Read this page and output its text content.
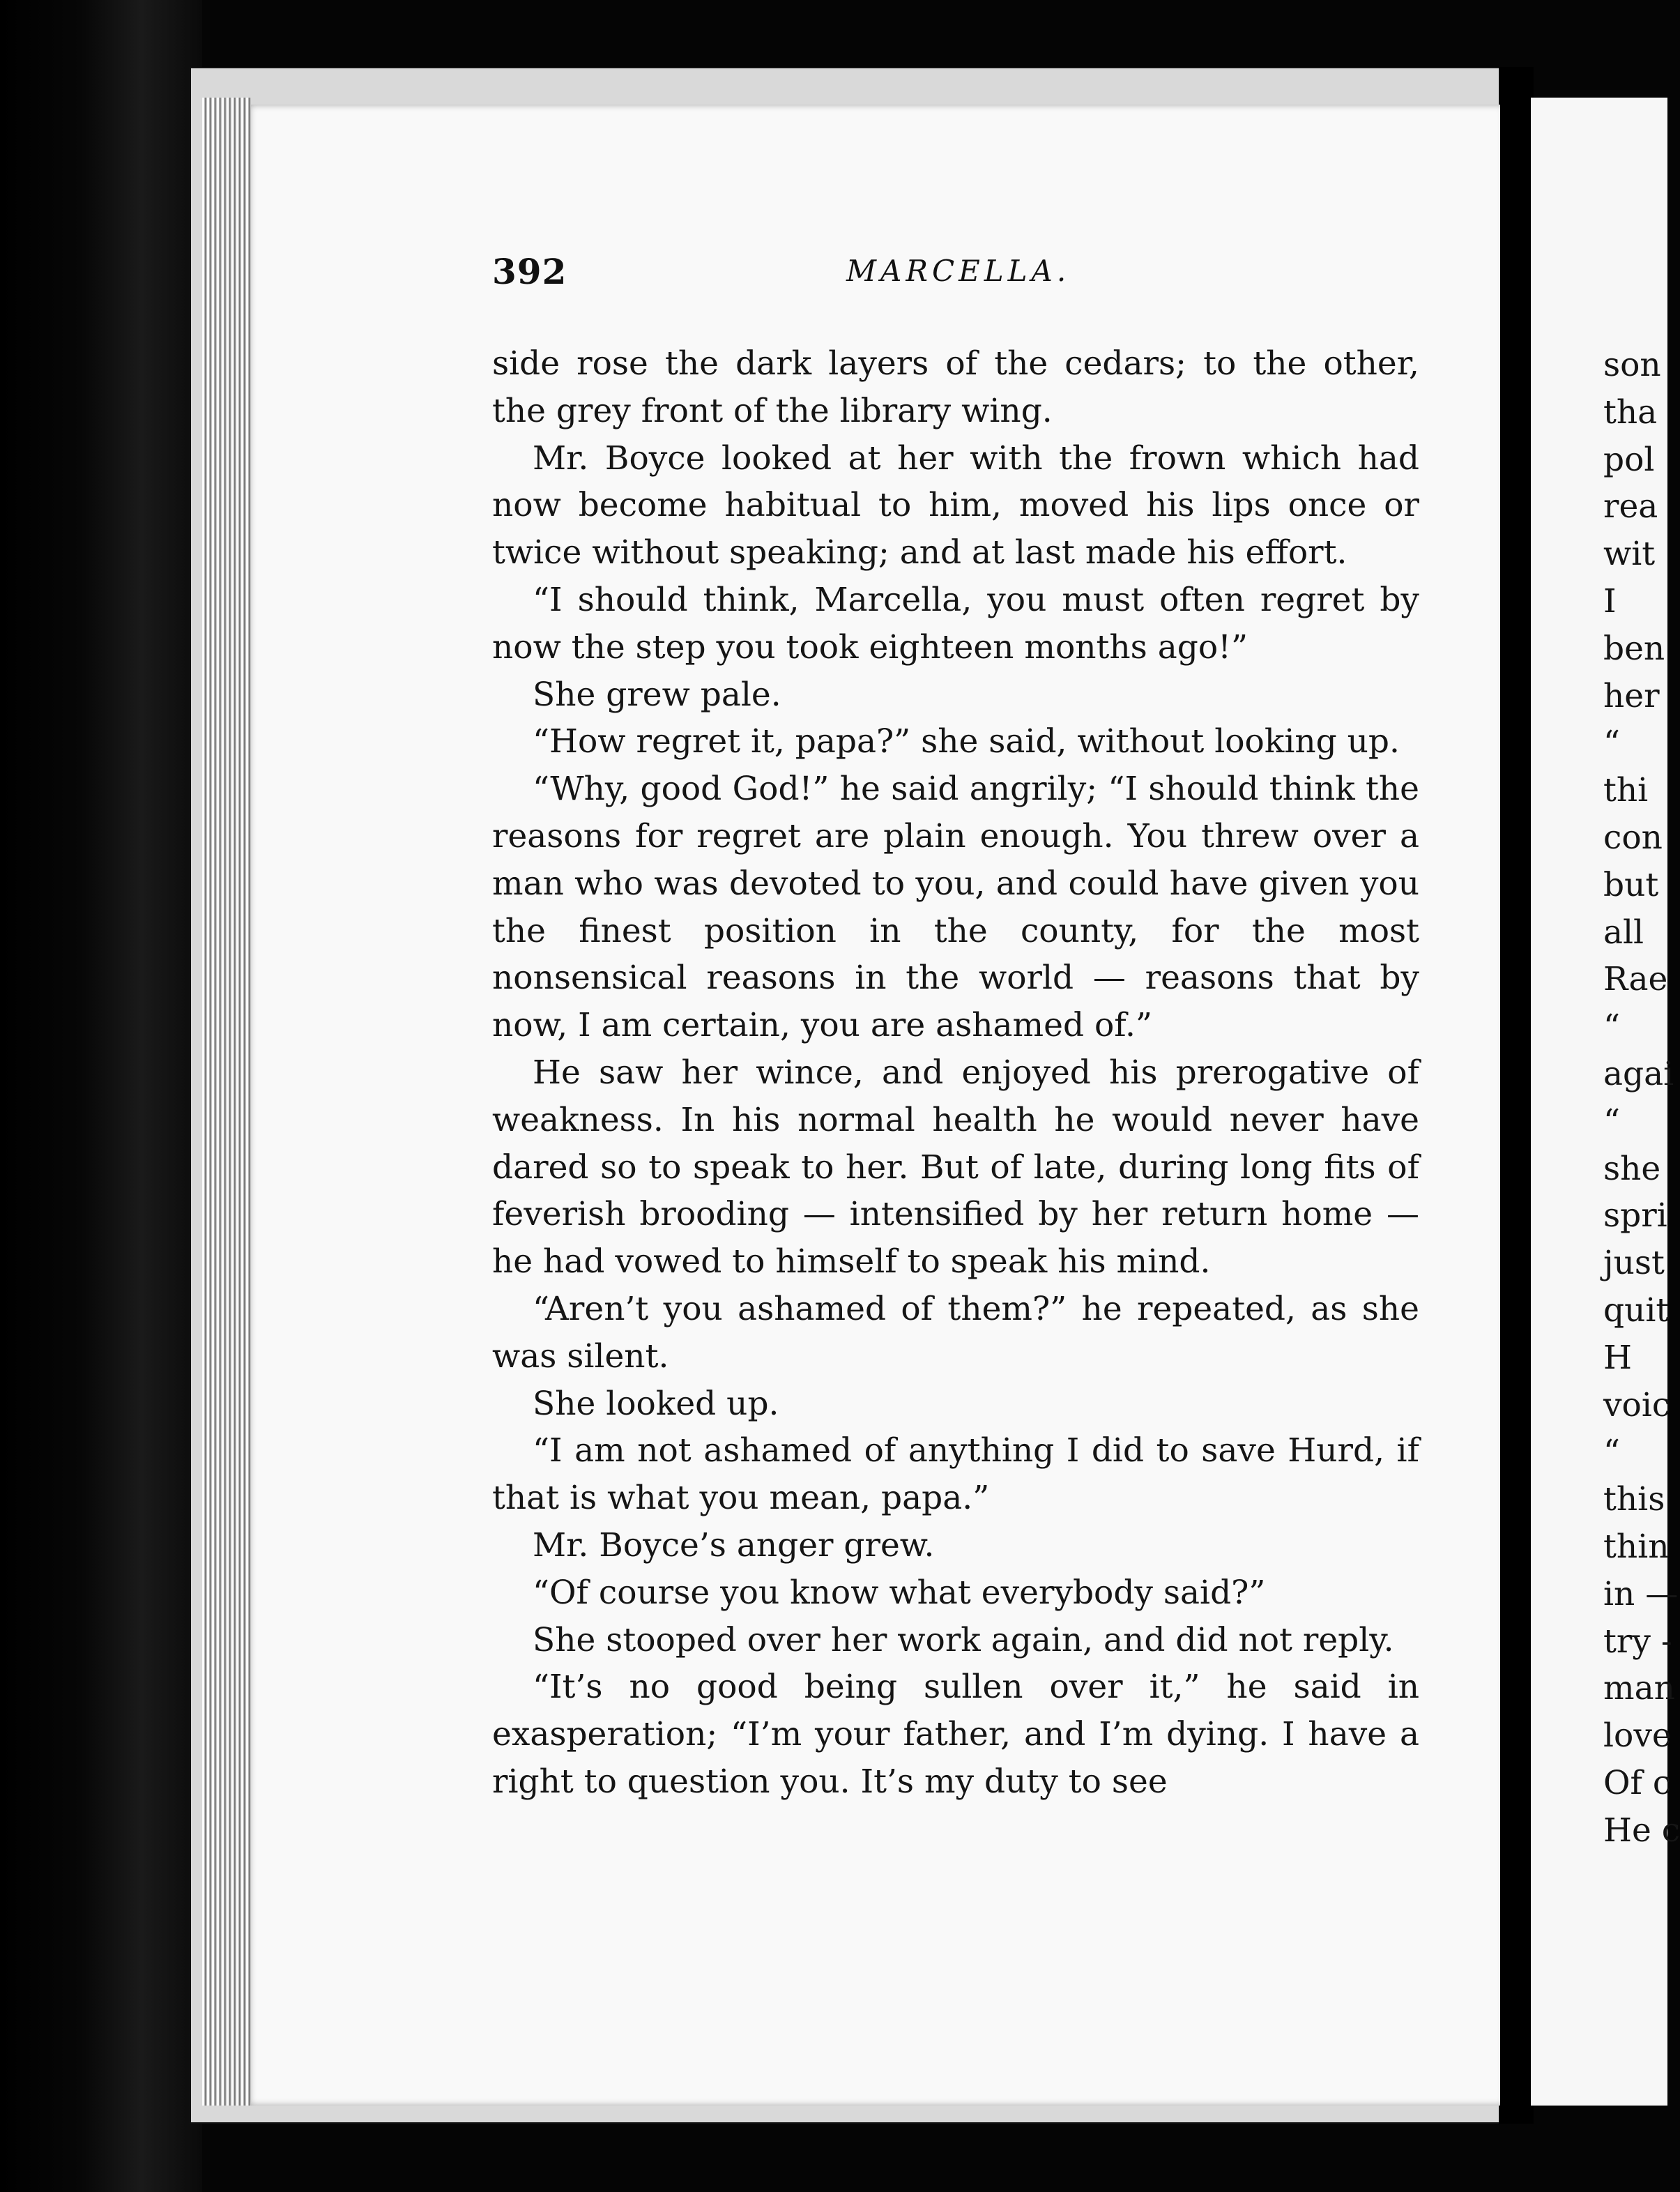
392	MARCELLA.

side rose the dark layers of the cedars; to the other, the grey front of the library wing.

Mr. Boyce looked at her with the frown which had now become habitual to him, moved his lips once or twice without speaking; and at last made his effort.

“I should think, Marcella, you must often regret by now the step you took eighteen months ago!”

She grew pale.

“How regret it, papa?” she said, without looking up.

“Why, good God!” he said angrily; “I should think the reasons for regret are plain enough. You threw over a man who was devoted to you, and could have given you the finest position in the county, for the most nonsensical reasons in the world — reasons that by now, I am certain, you are ashamed of.”

He saw her wince, and enjoyed his prerogative of weakness. In his normal health he would never have dared so to speak to her. But of late, during long fits of feverish brooding — intensified by her return home — he had vowed to himself to speak his mind.

“Aren’t you ashamed of them?” he repeated, as she was silent.

She looked up.

“I am not ashamed of anything I did to save Hurd, if that is what you mean, papa.”

Mr. Boyce’s anger grew.

“Of course you know what everybody said?”

She stooped over her work again, and did not reply.

“It’s no good being sullen over it,” he said in exasperation; “I’m your father, and I’m dying. I have a right to question you. It’s my duty to see

son
tha
pol
rea
wit
I
ben
her
“
thi
con
but
all
Rae
“
agai
“
she
spri
just
quit
H
voic
“
this
thin
in —
try -
man
love
Of c
He c
